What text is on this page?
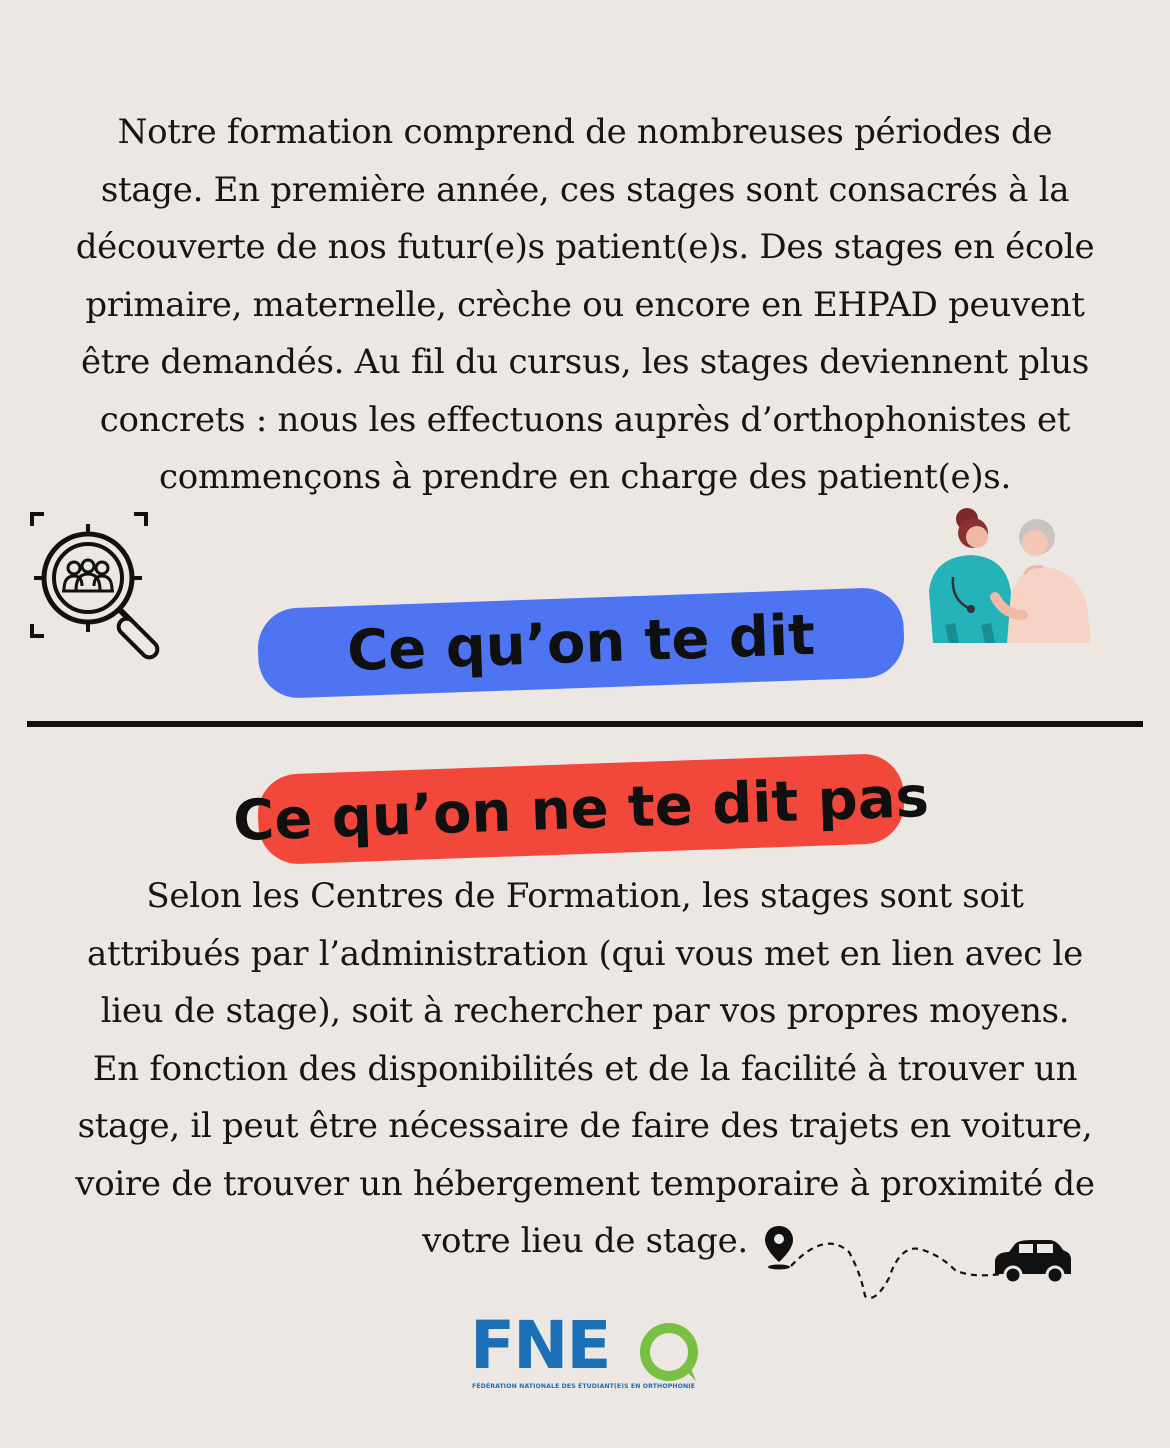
Notre formation comprend de nombreuses périodes de
stage. En première année, ces stages sont consacrés à la
découverte de nos futur(e)s patient(e)s. Des stages en école
primaire, maternelle, crèche ou encore en EHPAD peuvent
être demandés. Au fil du cursus, les stages deviennent plus
concrets : nous les effectuons auprès d’orthophonistes et
commençons à prendre en charge des patient(e)s.
Ce qu’on te dit
Ce qu’on ne te dit pas
Selon les Centres de Formation, les stages sont soit
attribués par l’administration (qui vous met en lien avec le
lieu de stage), soit à rechercher par vos propres moyens.
En fonction des disponibilités et de la facilité à trouver un
stage, il peut être nécessaire de faire des trajets en voiture,
voire de trouver un hébergement temporaire à proximité de
votre lieu de stage.
FNE
FÉDÉRATION NATIONALE DES ÉTUDIANT(E)S EN ORTHOPHONIE
